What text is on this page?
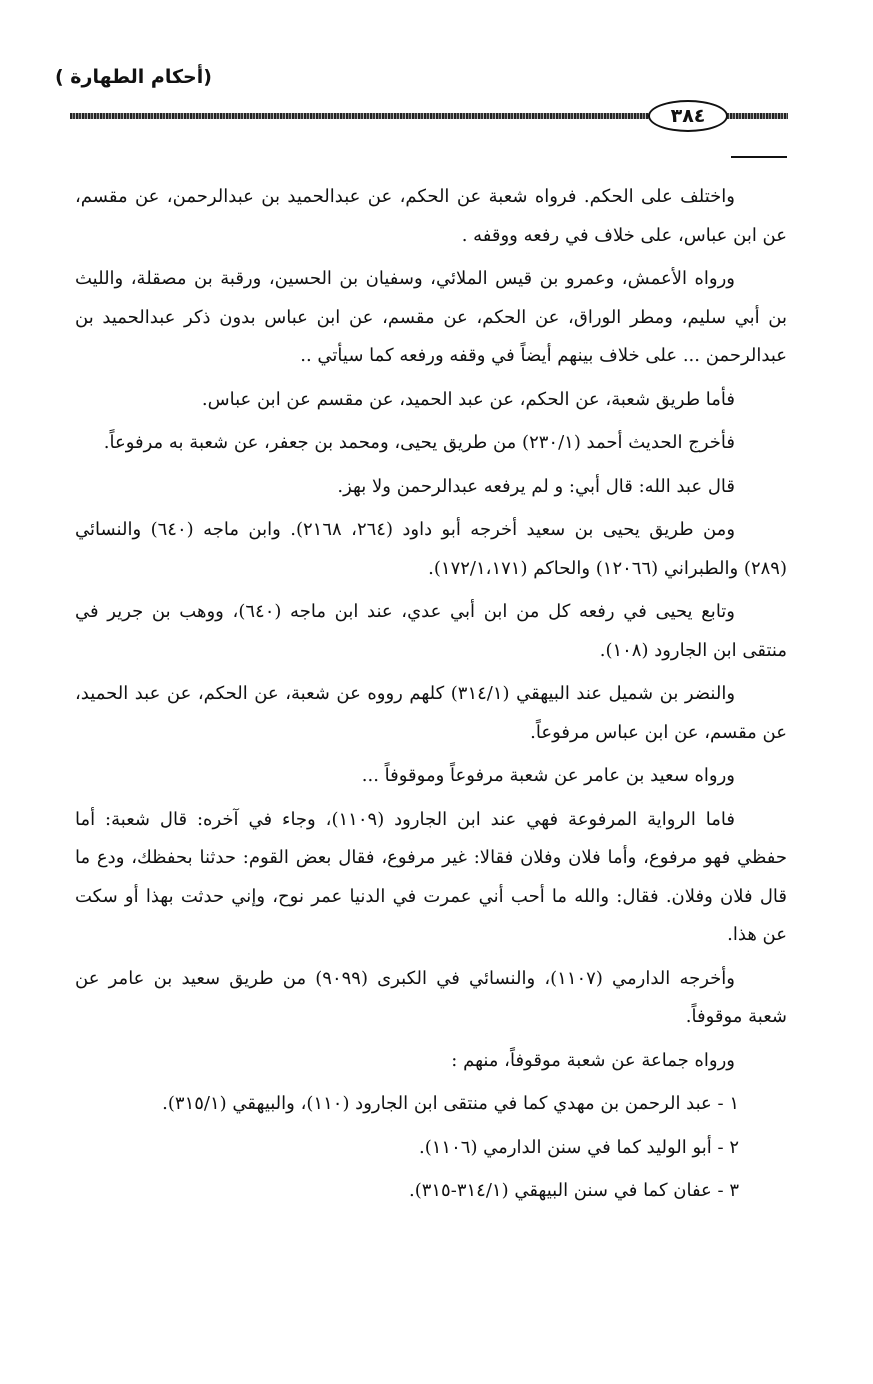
(أحكام الطهارة )
٣٨٤

واختلف على الحكم. فرواه شعبة عن الحكم، عن عبدالحميد بن عبدالرحمن، عن مقسم، عن ابن عباس، على خلاف في رفعه ووقفه .

ورواه الأعمش، وعمرو بن قيس الملائي، وسفيان بن الحسين، ورقبة بن مصقلة، والليث بن أبي سليم، ومطر الوراق، عن الحكم، عن مقسم، عن ابن عباس بدون ذكر عبدالحميد بن عبدالرحمن ... على خلاف بينهم أيضاً في وقفه ورفعه كما سيأتي ..

فأما طريق شعبة، عن الحكم، عن عبد الحميد، عن مقسم عن ابن عباس.

فأخرج الحديث أحمد (٢٣٠/١) من طريق يحيى، ومحمد بن جعفر، عن شعبة به مرفوعاً.

قال عبد الله: قال أبي: و لم يرفعه عبدالرحمن ولا بهز.

ومن طريق يحيى بن سعيد أخرجه أبو داود (٢٦٤، ٢١٦٨). وابن ماجه (٦٤٠) والنسائي (٢٨٩) والطبراني (١٢٠٦٦) والحاكم (١٧٢/١،١٧١).

وتابع يحيى في رفعه كل من ابن أبي عدي، عند ابن ماجه (٦٤٠)، ووهب بن جرير في منتقى ابن الجارود (١٠٨).

والنضر بن شميل عند البيهقي (٣١٤/١) كلهم رووه عن شعبة، عن الحكم، عن عبد الحميد، عن مقسم، عن ابن عباس مرفوعاً.

ورواه سعيد بن عامر عن شعبة مرفوعاً وموقوفاً ...

فاما الرواية المرفوعة فهي عند ابن الجارود (١١٠٩)، وجاء في آخره: قال شعبة: أما حفظي فهو مرفوع، وأما فلان وفلان فقالا: غير مرفوع، فقال بعض القوم: حدثنا بحفظك، ودع ما قال فلان وفلان. فقال: والله ما أحب أني عمرت في الدنيا عمر نوح، وإني حدثت بهذا أو سكت عن هذا.

وأخرجه الدارمي (١١٠٧)، والنسائي في الكبرى (٩٠٩٩) من طريق سعيد بن عامر عن شعبة موقوفاً.

ورواه جماعة عن شعبة موقوفاً، منهم :

١ - عبد الرحمن بن مهدي كما في منتقى ابن الجارود (١١٠)، والبيهقي (٣١٥/١).

٢ - أبو الوليد كما في سنن الدارمي (١١٠٦).

٣ - عفان كما في سنن البيهقي (٣١٤/١-٣١٥).
